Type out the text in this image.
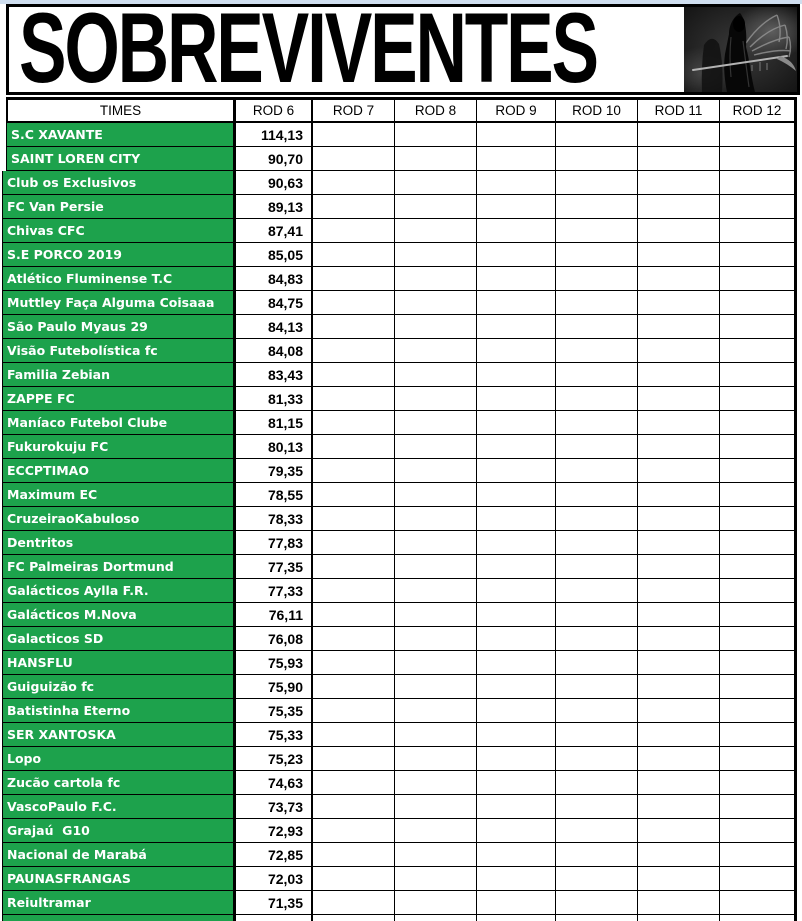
SOBREVIVENTES
TIMES	ROD 6	ROD 7	ROD 8	ROD 9	ROD 10	ROD 11	ROD 12
S.C XAVANTE	114,13
SAINT LOREN CITY	90,70
Club os Exclusivos	90,63
FC Van Persie	89,13
Chivas CFC	87,41
S.E PORCO 2019	85,05
Atlético Fluminense T.C	84,83
Muttley Faça Alguma Coisaaa	84,75
São Paulo Myaus 29	84,13
Visão Futebolística fc	84,08
Familia Zebian	83,43
ZAPPE FC	81,33
Maníaco Futebol Clube	81,15
Fukurokuju FC	80,13
ECCPTIMAO	79,35
Maximum EC	78,55
CruzeiraoKabuloso	78,33
Dentritos	77,83
FC Palmeiras Dortmund	77,35
Galácticos Aylla F.R.	77,33
Galácticos M.Nova	76,11
Galacticos SD	76,08
HANSFLU	75,93
Guiguizão fc	75,90
Batistinha Eterno	75,35
SER XANTOSKA	75,33
Lopo	75,23
Zucão cartola fc	74,63
VascoPaulo F.C.	73,73
Grajaú  G10	72,93
Nacional de Marabá	72,85
PAUNASFRANGAS	72,03
Reiultramar	71,35
